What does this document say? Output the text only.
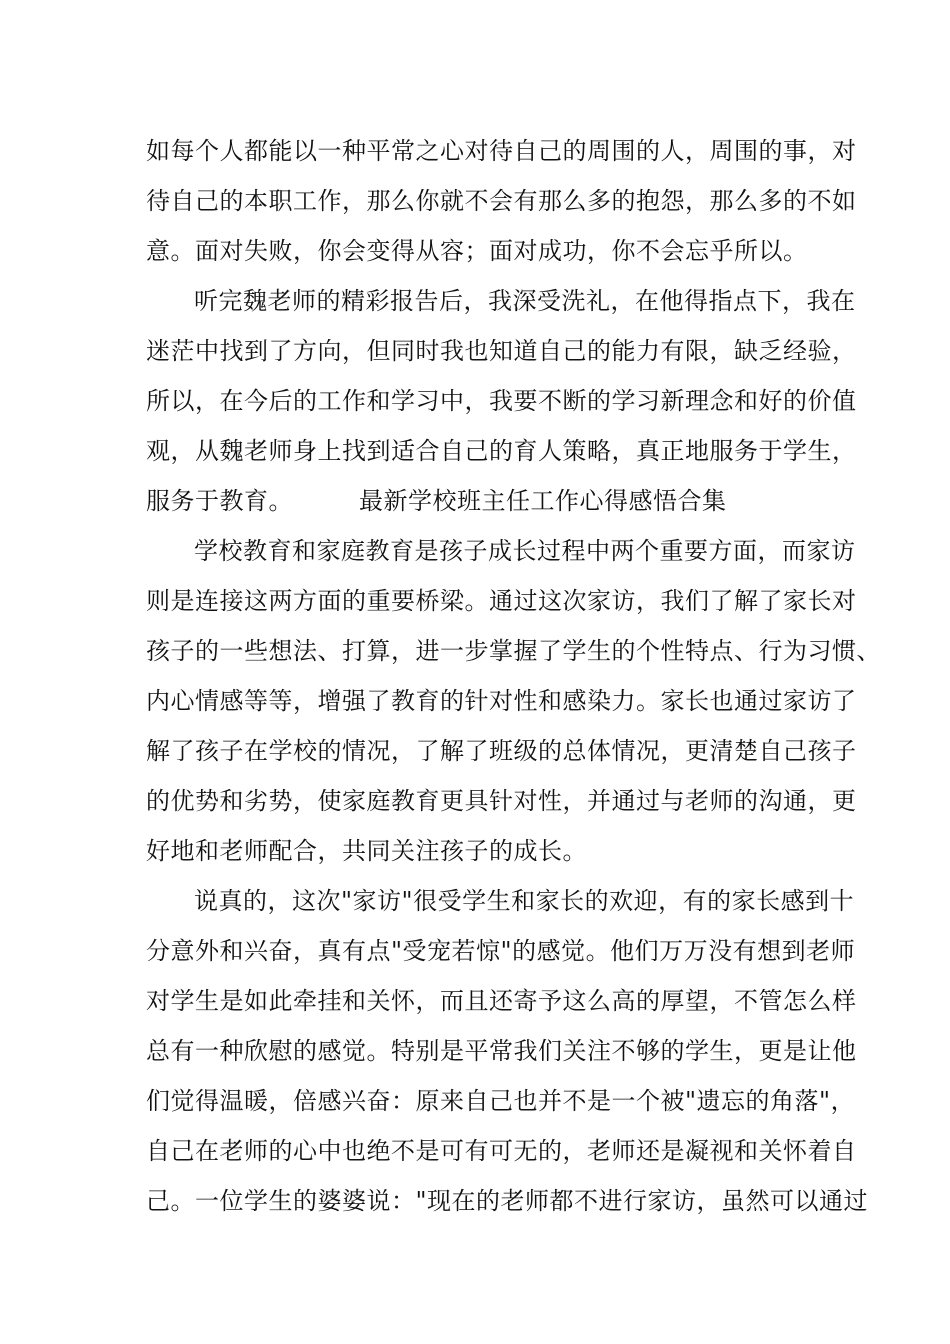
如每个人都能以一种平常之心对待自己的周围的人，周围的事，对
待自己的本职工作，那么你就不会有那么多的抱怨，那么多的不如
意。面对失败，你会变得从容；面对成功，你不会忘乎所以。
听完魏老师的精彩报告后，我深受洗礼，在他得指点下，我在
迷茫中找到了方向，但同时我也知道自己的能力有限，缺乏经验，
所以，在今后的工作和学习中，我要不断的学习新理念和好的价值
观，从魏老师身上找到适合自己的育人策略，真正地服务于学生，
服务于教育。	最新学校班主任工作心得感悟合集
学校教育和家庭教育是孩子成长过程中两个重要方面，而家访
则是连接这两方面的重要桥梁。通过这次家访，我们了解了家长对
孩子的一些想法、打算，进一步掌握了学生的个性特点、行为习惯、
内心情感等等，增强了教育的针对性和感染力。家长也通过家访了
解了孩子在学校的情况，了解了班级的总体情况，更清楚自己孩子
的优势和劣势，使家庭教育更具针对性，并通过与老师的沟通，更
好地和老师配合，共同关注孩子的成长。
说真的，这次"家访"很受学生和家长的欢迎，有的家长感到十
分意外和兴奋，真有点"受宠若惊"的感觉。他们万万没有想到老师
对学生是如此牵挂和关怀，而且还寄予这么高的厚望，不管怎么样
总有一种欣慰的感觉。特别是平常我们关注不够的学生，更是让他
们觉得温暖，倍感兴奋：原来自己也并不是一个被"遗忘的角落"，
自己在老师的心中也绝不是可有可无的，老师还是凝视和关怀着自
己。一位学生的婆婆说："现在的老师都不进行家访，虽然可以通过
